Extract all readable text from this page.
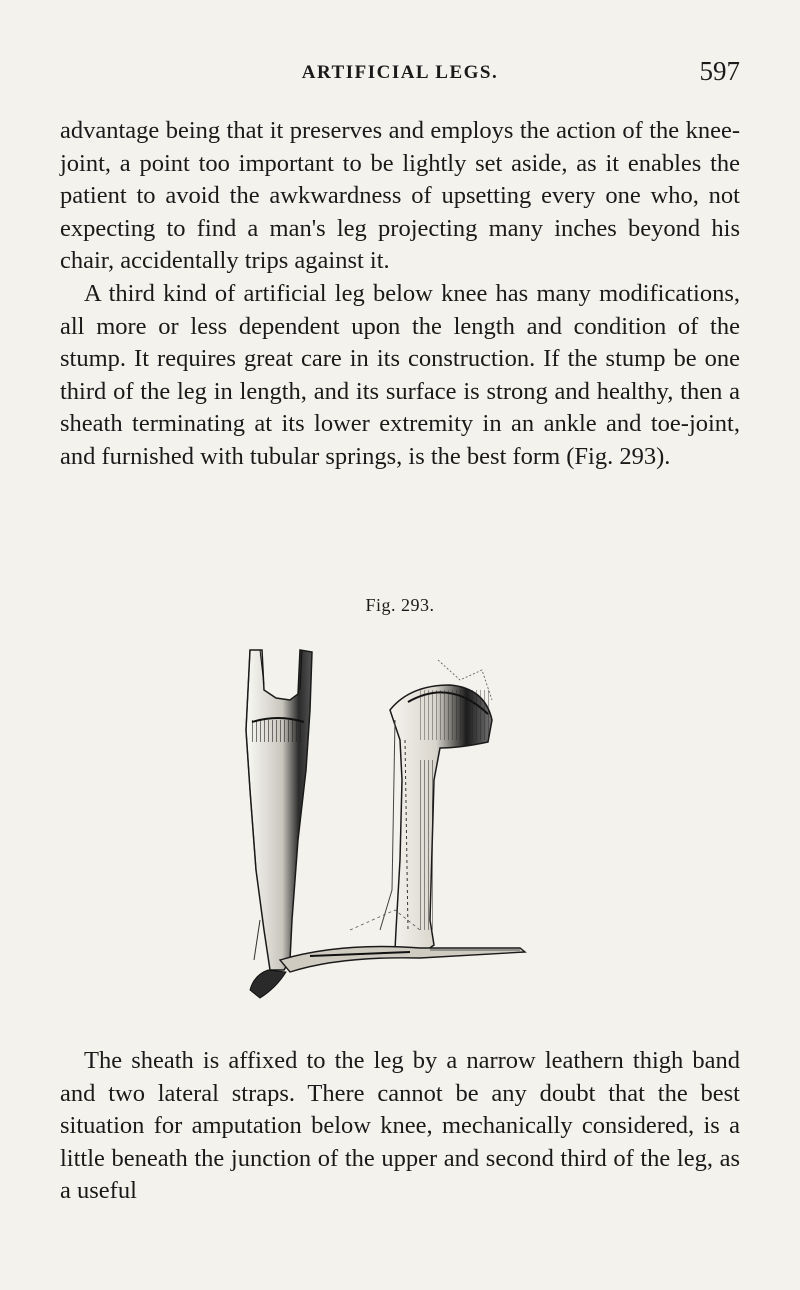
ARTIFICIAL LEGS.	597

advantage being that it preserves and employs the action of the knee-joint, a point too important to be lightly set aside, as it enables the patient to avoid the awkwardness of upsetting every one who, not expecting to find a man's leg projecting many inches beyond his chair, accidentally trips against it.

A third kind of artificial leg below knee has many modifications, all more or less dependent upon the length and condition of the stump. It requires great care in its construction. If the stump be one third of the leg in length, and its surface is strong and healthy, then a sheath terminating at its lower extremity in an ankle and toe-joint, and furnished with tubular springs, is the best form (Fig. 293).

Fig. 293.

The sheath is affixed to the leg by a narrow leathern thigh band and two lateral straps. There cannot be any doubt that the best situation for amputation below knee, mechanically considered, is a little beneath the junction of the upper and second third of the leg, as a useful
